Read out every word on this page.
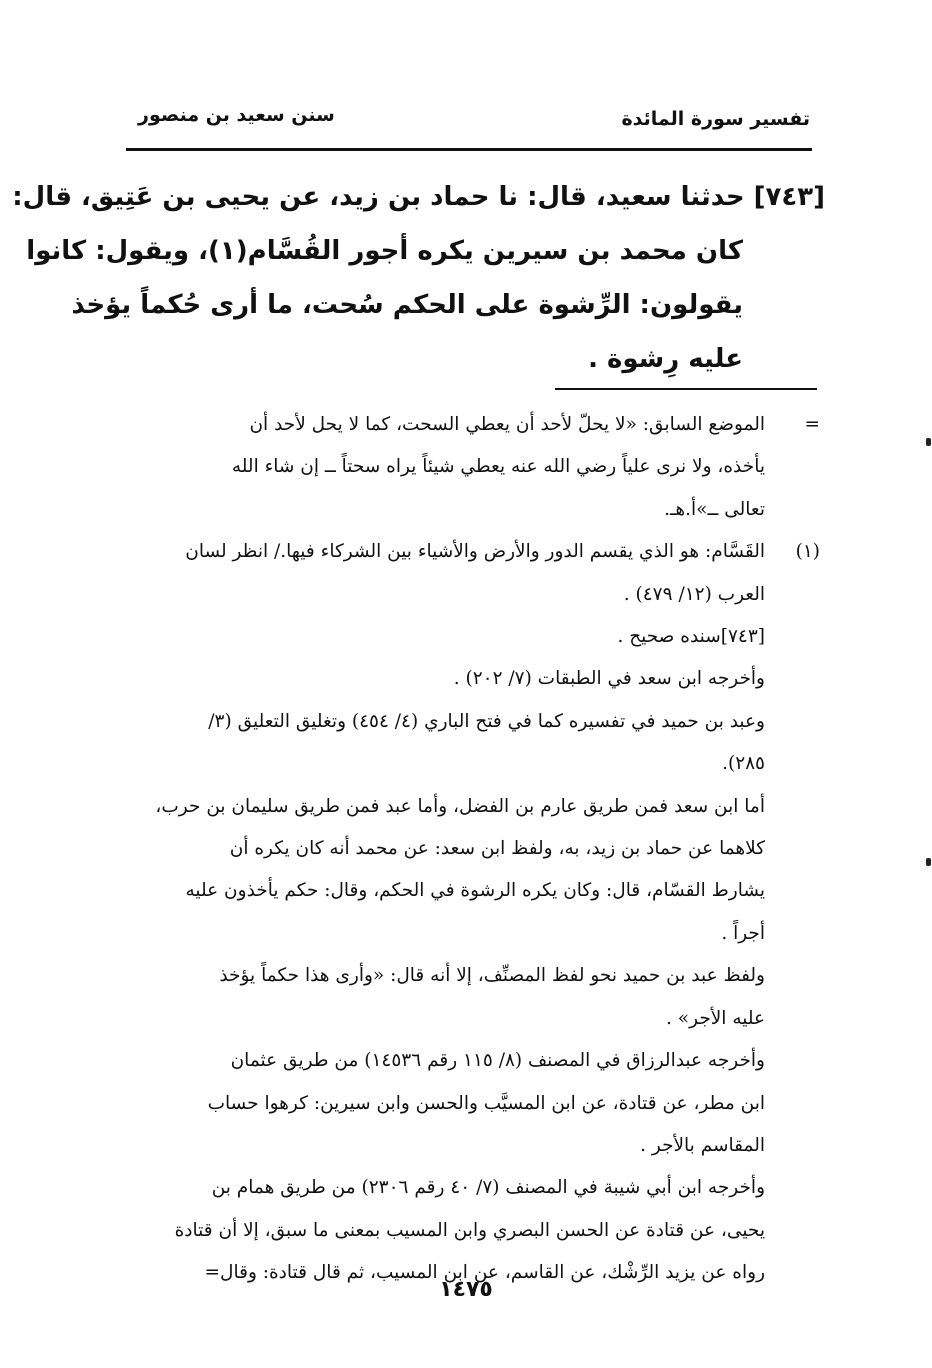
تفسير سورة المائدة
سنن سعيد بن منصور
[٧٤٣] حدثنا سعيد، قال: نا حماد بن زيد، عن يحيى بن عَتِيق، قال:
كان محمد بن سيرين يكره أجور القُسَّام(١)، ويقول: كانوا
يقولون: الرِّشوة على الحكم سُحت، ما أرى حُكماً يؤخذ
عليه رِشوة .
=الموضع السابق: «لا يحلّ لأحد أن يعطي السحت، كما لا يحل لأحد أن
يأخذه، ولا نرى علياً رضي الله عنه يعطي شيئاً يراه سحتاً ــ إن شاء الله
تعالى ــ»أ.هـ.
(١)القَسَّام: هو الذي يقسم الدور والأرض والأشياء بين الشركاء فيها./ انظر لسان
العرب (١٢/ ٤٧٩) .
[٧٤٣]سنده صحيح .
وأخرجه ابن سعد في الطبقات (٧/ ٢٠٢) .
وعبد بن حميد في تفسيره كما في فتح الباري (٤/ ٤٥٤) وتغليق التعليق (٣/
٢٨٥).
أما ابن سعد فمن طريق عارم بن الفضل، وأما عبد فمن طريق سليمان بن حرب،
كلاهما عن حماد بن زيد، به، ولفظ ابن سعد: عن محمد أنه كان يكره أن
يشارط القسّام، قال: وكان يكره الرشوة في الحكم، وقال: حكم يأخذون عليه
أجراً .
ولفظ عبد بن حميد نحو لفظ المصنِّف، إلا أنه قال: «وأرى هذا حكماً يؤخذ
عليه الأجر» .
وأخرجه عبدالرزاق في المصنف (٨/ ١١٥ رقم ١٤٥٣٦) من طريق عثمان
ابن مطر، عن قتادة، عن ابن المسيَّب والحسن وابن سيرين: كرهوا حساب
المقاسم بالأجر .
وأخرجه ابن أبي شيبة في المصنف (٧/ ٤٠ رقم ٢٣٠٦) من طريق همام بن
يحيى، عن قتادة عن الحسن البصري وابن المسيب بمعنى ما سبق، إلا أن قتادة
رواه عن يزيد الرِّشْك، عن القاسم، عن ابن المسيب، ثم قال قتادة: وقال=
١٤٧٥
